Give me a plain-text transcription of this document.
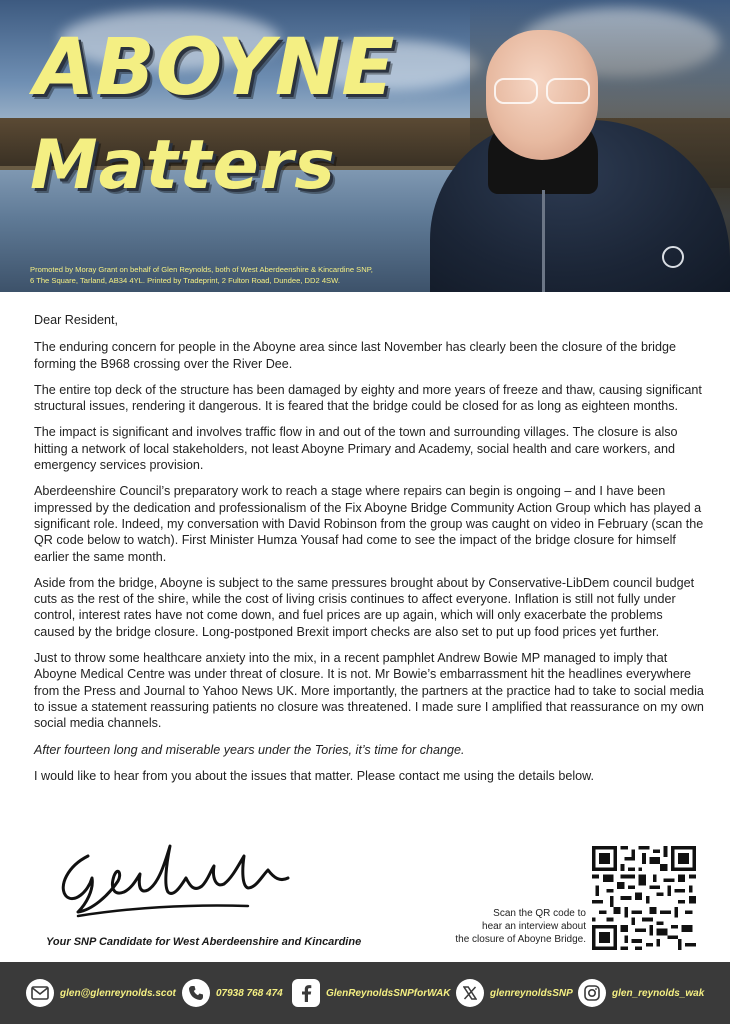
ABOYNE
Matters

Promoted by Moray Grant on behalf of Glen Reynolds, both of West Aberdeenshire & Kincardine SNP,
6 The Square, Tarland, AB34 4YL. Printed by Tradeprint, 2 Fulton Road, Dundee, DD2 4SW.

Dear Resident,

The enduring concern for people in the Aboyne area since last November has clearly been the closure of the bridge forming the B968 crossing over the River Dee.

The entire top deck of the structure has been damaged by eighty and more years of freeze and thaw, causing significant structural issues, rendering it dangerous. It is feared that the bridge could be closed for as long as eighteen months.

The impact is significant and involves traffic flow in and out of the town and surrounding villages. The closure is also hitting a network of local stakeholders, not least Aboyne Primary and Academy, social health and care workers, and emergency services provision.

Aberdeenshire Council’s preparatory work to reach a stage where repairs can begin is ongoing – and I have been impressed by the dedication and professionalism of the Fix Aboyne Bridge Community Action Group which has played a significant role. Indeed, my conversation with David Robinson from the group was caught on video in February (scan the QR code below to watch). First Minister Humza Yousaf had come to see the impact of the bridge closure for himself earlier the same month.

Aside from the bridge, Aboyne is subject to the same pressures brought about by Conservative-LibDem council budget cuts as the rest of the shire, while the cost of living crisis continues to affect everyone. Inflation is still not fully under control, interest rates have not come down, and fuel prices are up again, which will only exacerbate the problems caused by the bridge closure. Long-postponed Brexit import checks are also set to put up food prices yet further.

Just to throw some healthcare anxiety into the mix, in a recent pamphlet Andrew Bowie MP managed to imply that Aboyne Medical Centre was under threat of closure. It is not. Mr Bowie’s embarrassment hit the headlines everywhere from the Press and Journal to Yahoo News UK. More importantly, the partners at the practice had to take to social media to issue a statement reassuring patients no closure was threatened. I made sure I amplified that reassurance on my own social media channels.

After fourteen long and miserable years under the Tories, it’s time for change.

I would like to hear from you about the issues that matter. Please contact me using the details below.

Your SNP Candidate for West Aberdeenshire and Kincardine

Scan the QR code to
hear an interview about
the closure of Aboyne Bridge.

glen@glenreynolds.scot	07938 768 474	GlenReynoldsSNPforWAK	glenreynoldsSNP	glen_reynolds_wak
